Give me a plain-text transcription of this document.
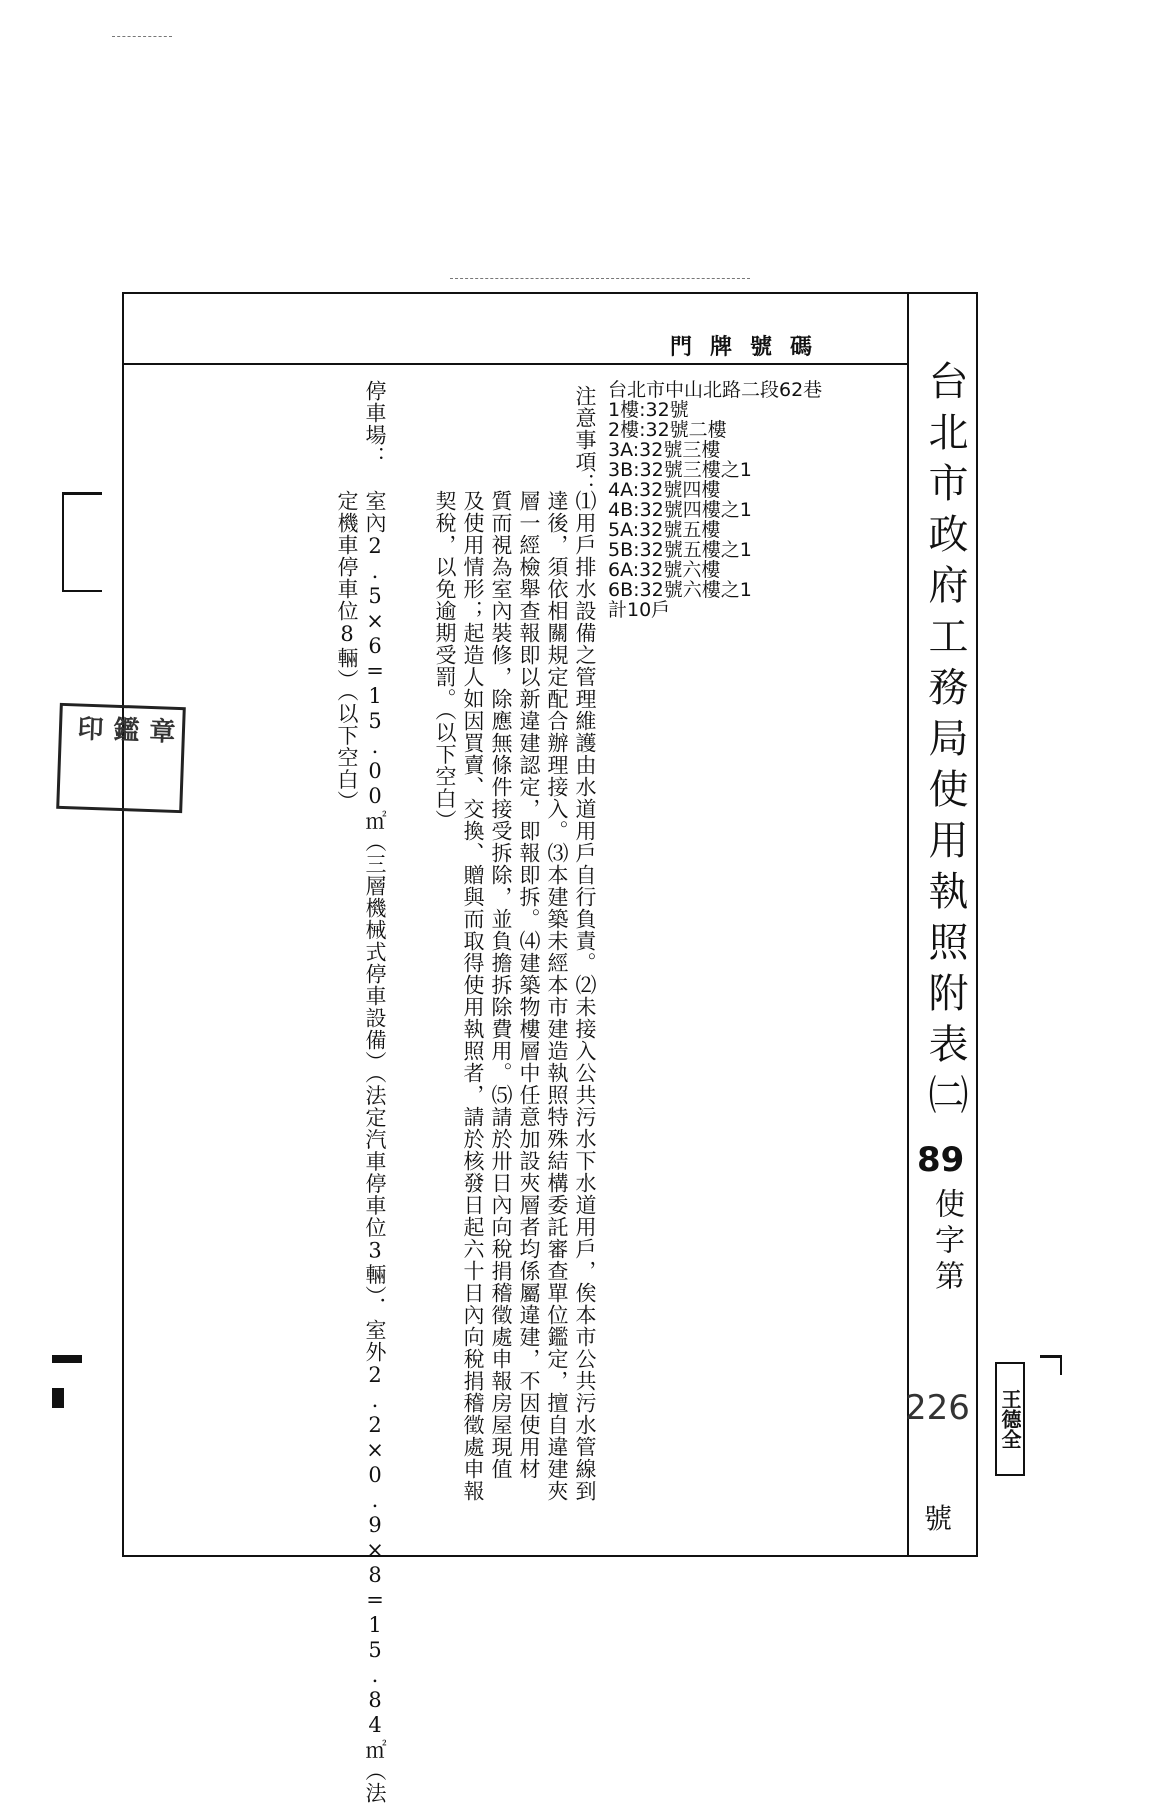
門牌號碼
台北市中山北路二段62巷
1樓:32號
2樓:32號二樓
3A:32號三樓
3B:32號三樓之1
4A:32號四樓
4B:32號四樓之1
5A:32號五樓
5B:32號五樓之1
6A:32號六樓
6B:32號六樓之1
計10戶
注意事項：
⑴用戶排水設備之管理維護由水道用戶自行負責。⑵未接入公共污水下水道用戶，俟本市公共污水管線到
達後，須依相關規定配合辦理接入。⑶本建築未經本市建造執照特殊結構委託審查單位鑑定，擅自違建夾
層一經檢舉查報即以新違建認定，即報即拆。⑷建築物樓層中任意加設夾層者均係屬違建，不因使用材
質而視為室內裝修，除應無條件接受拆除，並負擔拆除費用。⑸請於卅日內向稅捐稽徵處申報房屋現值
及使用情形；起造人如因買賣、交換、贈與而取得使用執照者，請於核發日起六十日內向稅捐稽徵處申報
契稅，以免逾期受罰。（以下空白）
停車場：
室內2.5×6=15.00㎡（三層機械式停車設備）（法定汽車停車位3輛）．室外2.2×0.9×8=15.84㎡（法
定機車停車位8輛）（以下空白）	台北市政府工務局使用執照附表㈡
89
使字第
226
號
王德全
印 鑑 章
